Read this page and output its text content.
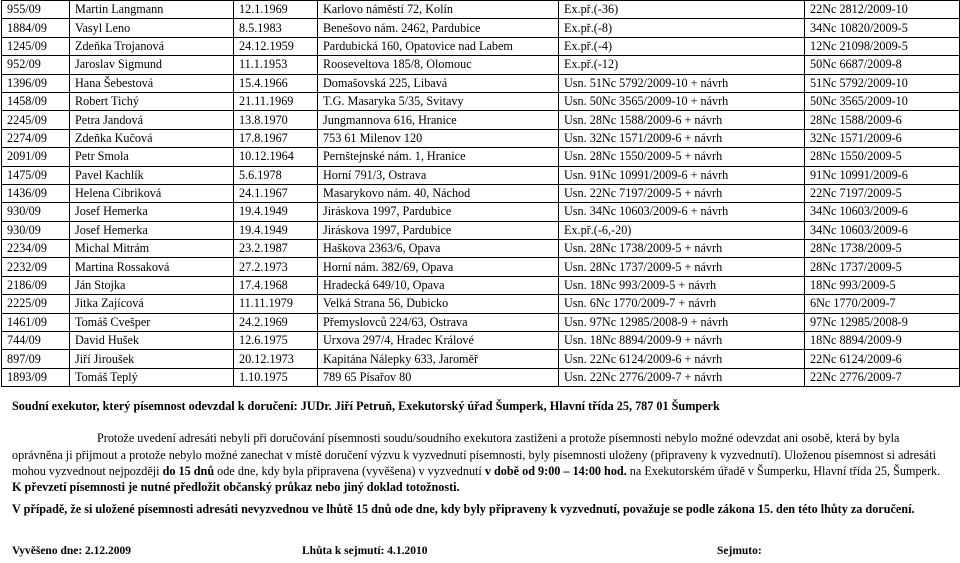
955/09	Martin Langmann	12.1.1969	Karlovo náměstí 72, Kolín	Ex.př.(-36)	22Nc 2812/2009-10
1884/09	Vasyl Leno	8.5.1983	Benešovo nám. 2462, Pardubice	Ex.př.(-8)	34Nc 10820/2009-5
1245/09	Zdeňka Trojanová	24.12.1959	Pardubická 160, Opatovice nad Labem	Ex.př.(-4)	12Nc 21098/2009-5
952/09	Jaroslav Sigmund	11.1.1953	Rooseveltova 185/8, Olomouc	Ex.př.(-12)	50Nc 6687/2009-8
1396/09	Hana Šebestová	15.4.1966	Domašovská 225, Libavá	Usn. 51Nc 5792/2009-10 + návrh	51Nc 5792/2009-10
1458/09	Robert Tichý	21.11.1969	T.G. Masaryka 5/35, Svitavy	Usn. 50Nc 3565/2009-10 + návrh	50Nc 3565/2009-10
2245/09	Petra Jandová	13.8.1970	Jungmannova 616, Hranice	Usn. 28Nc 1588/2009-6 + návrh	28Nc 1588/2009-6
2274/09	Zdeňka Kučová	17.8.1967	753 61 Milenov 120	Usn. 32Nc 1571/2009-6 + návrh	32Nc 1571/2009-6
2091/09	Petr Smola	10.12.1964	Pernštejnské nám. 1, Hranice	Usn. 28Nc 1550/2009-5 + návrh	28Nc 1550/2009-5
1475/09	Pavel Kachlík	5.6.1978	Horní 791/3, Ostrava	Usn. 91Nc 10991/2009-6 + návrh	91Nc 10991/2009-6
1436/09	Helena Cibriková	24.1.1967	Masarykovo nám. 40, Náchod	Usn. 22Nc 7197/2009-5 + návrh	22Nc 7197/2009-5
930/09	Josef Hemerka	19.4.1949	Jiráskova 1997, Pardubice	Usn. 34Nc 10603/2009-6 + návrh	34Nc 10603/2009-6
930/09	Josef Hemerka	19.4.1949	Jiráskova 1997, Pardubice	Ex.př.(-6,-20)	34Nc 10603/2009-6
2234/09	Michal Mitrám	23.2.1987	Haškova 2363/6, Opava	Usn. 28Nc 1738/2009-5 + návrh	28Nc 1738/2009-5
2232/09	Martina Rossaková	27.2.1973	Horní nám. 382/69, Opava	Usn. 28Nc 1737/2009-5 + návrh	28Nc 1737/2009-5
2186/09	Ján Stojka	17.4.1968	Hradecká 649/10, Opava	Usn. 18Nc 993/2009-5 + návrh	18Nc 993/2009-5
2225/09	Jitka Zajícová	11.11.1979	Velká Strana 56, Dubicko	Usn. 6Nc 1770/2009-7 + návrh	6Nc 1770/2009-7
1461/09	Tomáš Cvešper	24.2.1969	Přemyslovců 224/63, Ostrava	Usn. 97Nc 12985/2008-9 + návrh	97Nc 12985/2008-9
744/09	David Hušek	12.6.1975	Urxova 297/4, Hradec Králové	Usn. 18Nc 8894/2009-9 + návrh	18Nc 8894/2009-9
897/09	Jiří Jiroušek	20.12.1973	Kapitána Nálepky 633, Jaroměř	Usn. 22Nc 6124/2009-6 + návrh	22Nc 6124/2009-6
1893/09	Tomáš Teplý	1.10.1975	789 65 Písařov 80	Usn. 22Nc 2776/2009-7 + návrh	22Nc 2776/2009-7

Soudní exekutor, který písemnost odevzdal k doručení: JUDr. Jiří Petruň, Exekutorský úřad Šumperk, Hlavní třída 25, 787 01 Šumperk

Protože uvedení adresáti nebyli při doručování písemnosti soudu/soudního exekutora zastiženi a protože písemnosti nebylo možné odevzdat ani osobě, která by byla oprávněna ji přijmout a protože nebylo možné zanechat v místě doručení výzvu k vyzvednutí písemnosti, byly písemnosti uloženy (připraveny k vyzvednutí). Uloženou písemnost si adresáti mohou vyzvednout nejpozději do 15 dnů ode dne, kdy byla připravena (vyvěšena) v vyzvednutí v době od 9:00 – 14:00 hod. na Exekutorském úřadě v Šumperku, Hlavní třída 25, Šumperk. K převzetí písemnosti je nutné předložit občanský průkaz nebo jiný doklad totožnosti.

V případě, že si uložené písemnosti adresáti nevyzvednou ve lhůtě 15 dnů ode dne, kdy byly připraveny k vyzvednutí, považuje se podle zákona 15. den této lhůty za doručení.

Vyvěšeno dne: 2.12.2009	Lhůta k sejmutí: 4.1.2010	Sejmuto:
